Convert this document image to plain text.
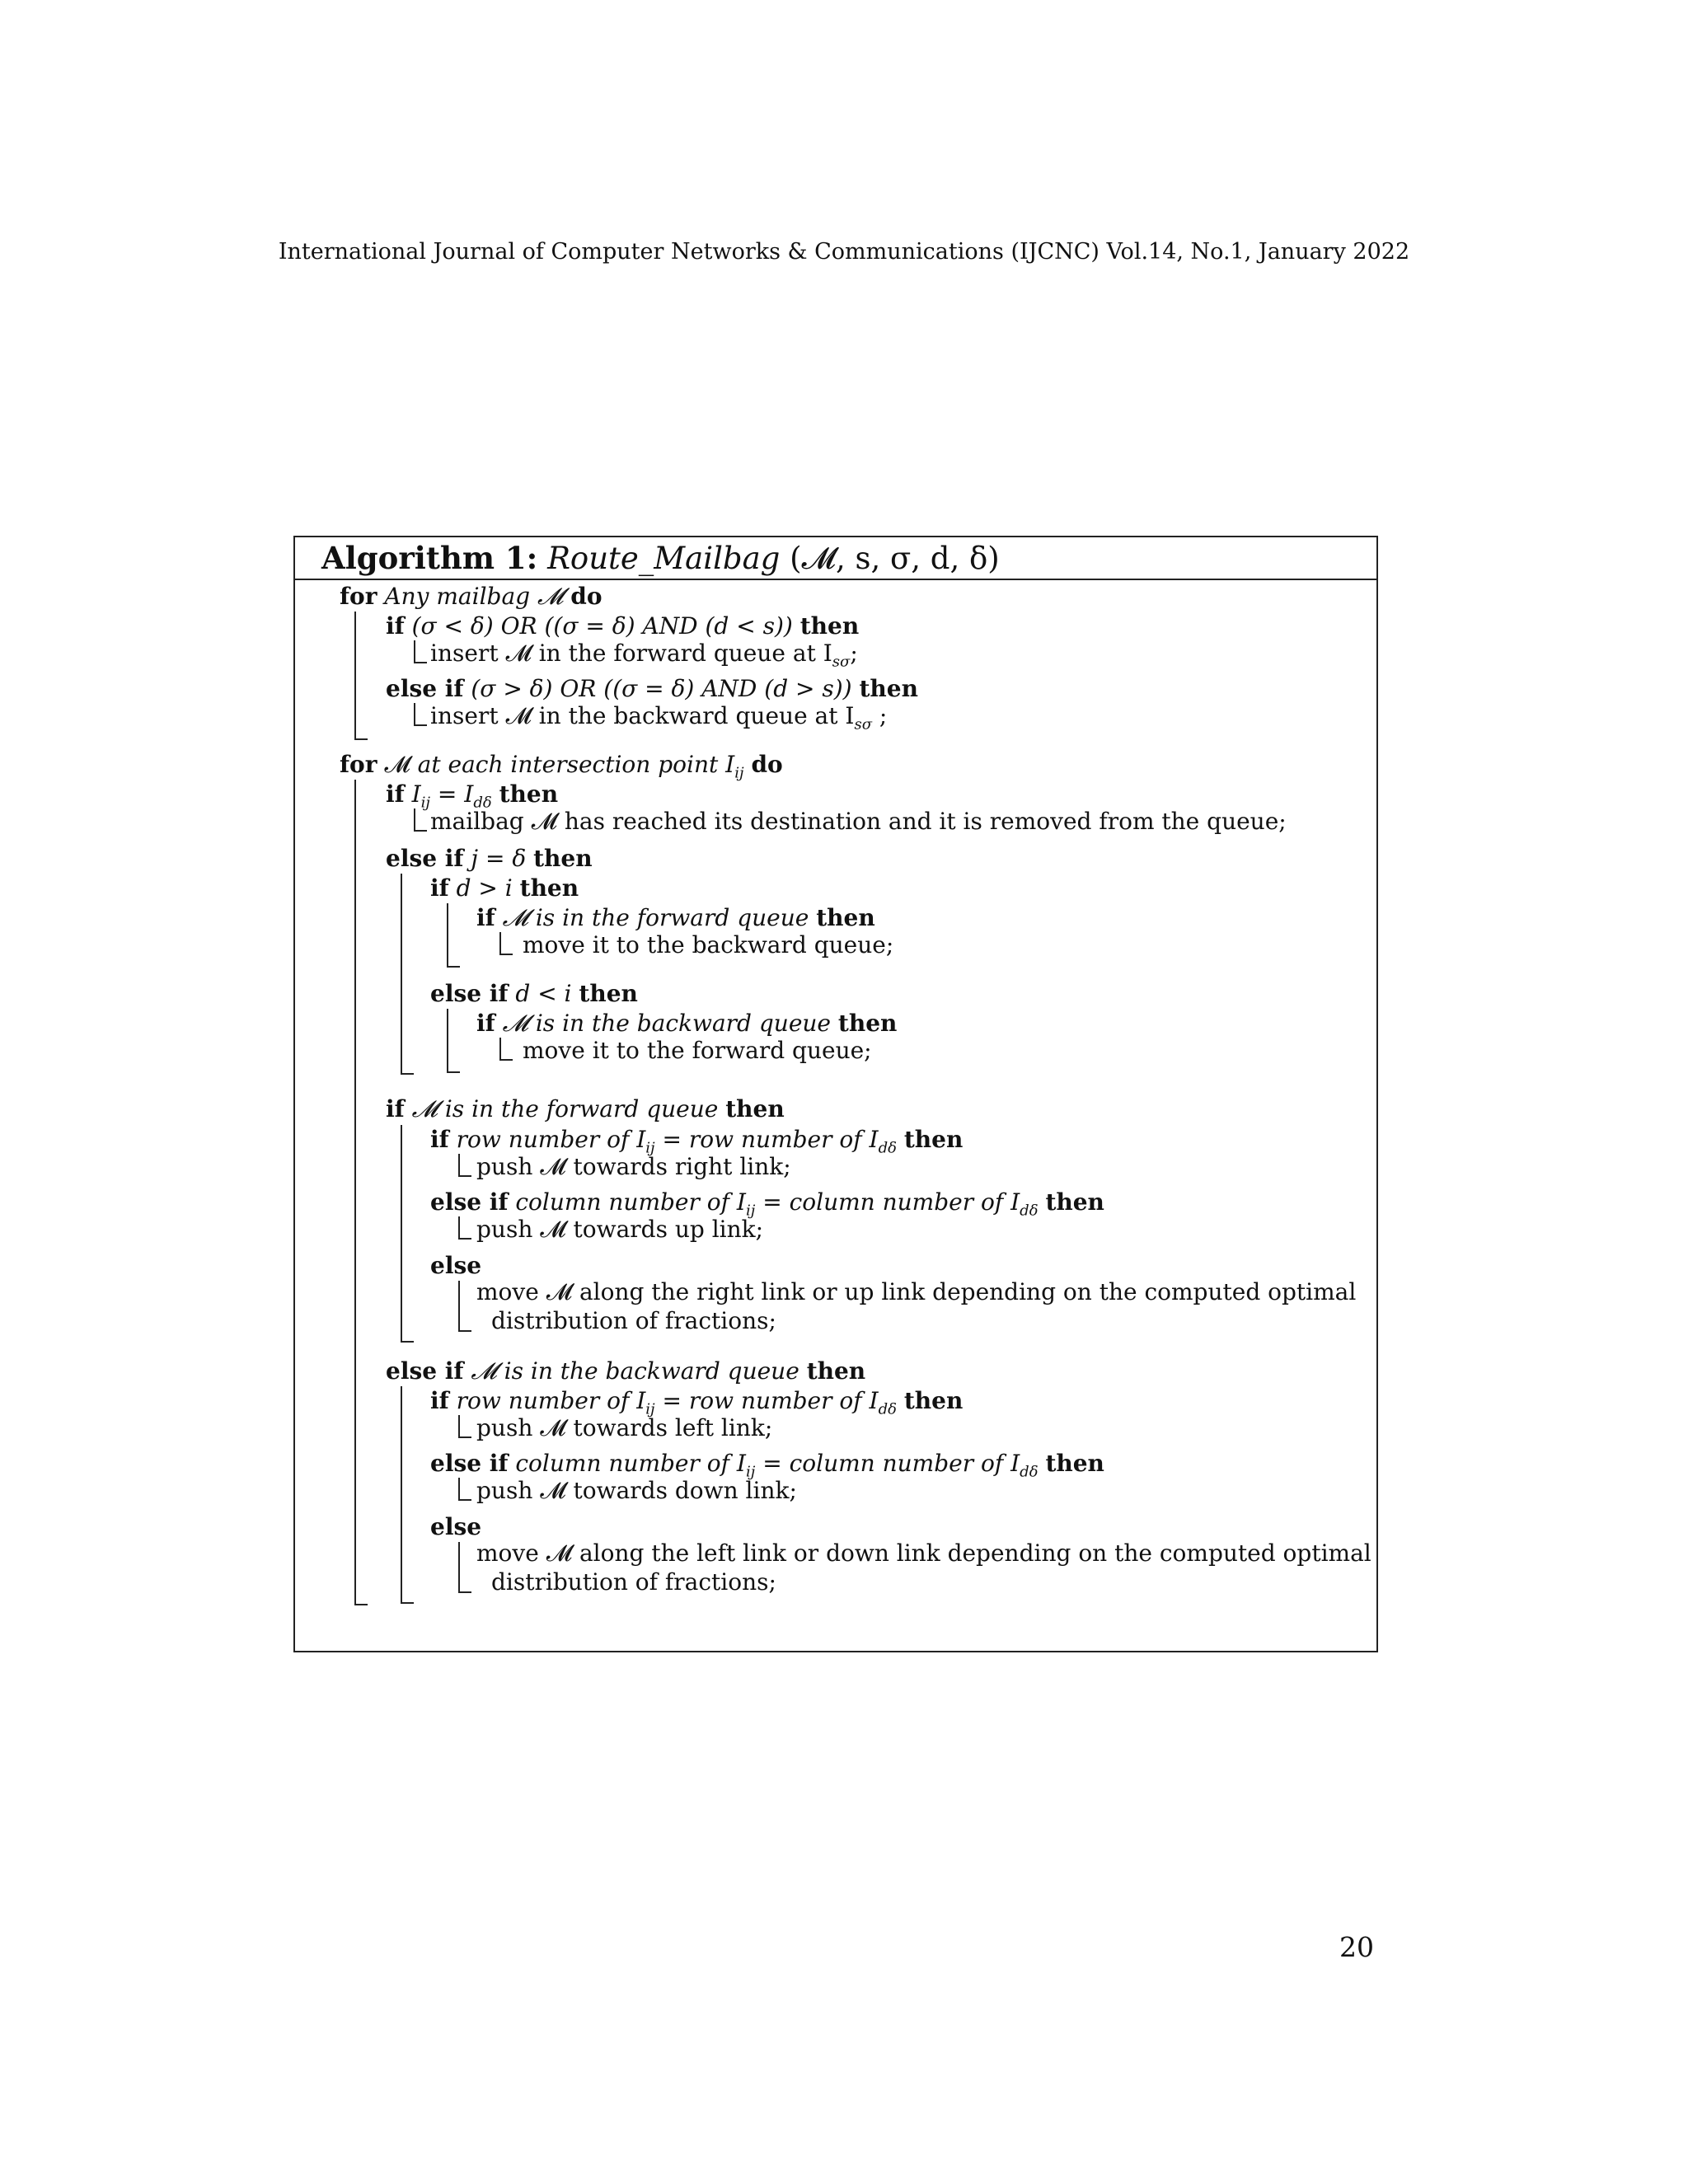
International Journal of Computer Networks & Communications (IJCNC) Vol.14, No.1, January 2022
Algorithm 1: Route_Mailbag (𝓜, s, σ, d, δ)
for Any mailbag 𝓜 do
if (σ < δ) OR ((σ = δ) AND (d < s)) then
insert 𝓜 in the forward queue at $I_{s\sigma}$;
else if (σ > δ) OR ((σ = δ) AND (d > s)) then
insert 𝓜 in the backward queue at $I_{s\sigma}$ ;
for 𝓜 at each intersection point $I_{ij}$ do
if $I_{ij} = I_{d\delta}$ then
mailbag 𝓜 has reached its destination and it is removed from the queue;
else if j = δ then
if d > i then
if 𝓜 is in the forward queue then
move it to the backward queue;
else if d < i then
if 𝓜 is in the backward queue then
move it to the forward queue;
if 𝓜 is in the forward queue then
if row number of $I_{ij}$ = row number of $I_{d\delta}$ then
push 𝓜 towards right link;
else if column number of $I_{ij}$ = column number of $I_{d\delta}$ then
push 𝓜 towards up link;
else
move 𝓜 along the right link or up link depending on the computed optimal
distribution of fractions;
else if 𝓜 is in the backward queue then
if row number of $I_{ij}$ = row number of $I_{d\delta}$ then
push 𝓜 towards left link;
else if column number of $I_{ij}$ = column number of $I_{d\delta}$ then
push 𝓜 towards down link;
else
move 𝓜 along the left link or down link depending on the computed optimal
distribution of fractions;
20
